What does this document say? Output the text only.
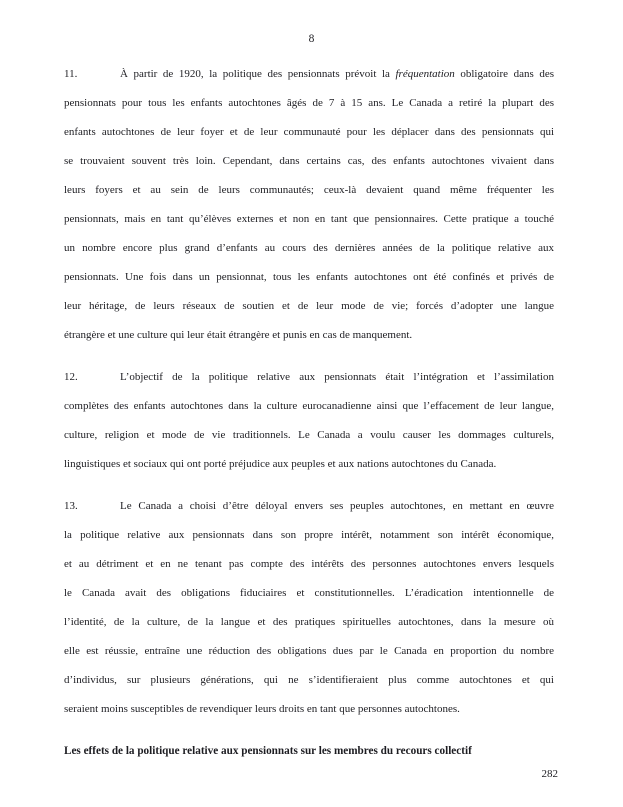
8
11.	À partir de 1920, la politique des pensionnats prévoit la fréquentation obligatoire dans des
pensionnats pour tous les enfants autochtones âgés de 7 à 15 ans. Le Canada a retiré la plupart des
enfants autochtones de leur foyer et de leur communauté pour les déplacer dans des pensionnats qui
se trouvaient souvent très loin. Cependant, dans certains cas, des enfants autochtones vivaient dans
leurs foyers et au sein de leurs communautés; ceux-là devaient quand même fréquenter les
pensionnats, mais en tant qu’élèves externes et non en tant que pensionnaires. Cette pratique a touché
un nombre encore plus grand d’enfants au cours des dernières années de la politique relative aux
pensionnats. Une fois dans un pensionnat, tous les enfants autochtones ont été confinés et privés de
leur héritage, de leurs réseaux de soutien et de leur mode de vie; forcés d’adopter une langue
étrangère et une culture qui leur était étrangère et punis en cas de manquement.
12.	L’objectif de la politique relative aux pensionnats était l’intégration et l’assimilation
complètes des enfants autochtones dans la culture eurocanadienne ainsi que l’effacement de leur langue,
culture, religion et mode de vie traditionnels. Le Canada a voulu causer les dommages culturels,
linguistiques et sociaux qui ont porté préjudice aux peuples et aux nations autochtones du Canada.
13.	Le Canada a choisi d’être déloyal envers ses peuples autochtones, en mettant en œuvre
la politique relative aux pensionnats dans son propre intérêt, notamment son intérêt économique,
et au détriment et en ne tenant pas compte des intérêts des personnes autochtones envers lesquels
le Canada avait des obligations fiduciaires et constitutionnelles. L’éradication intentionnelle de
l’identité, de la culture, de la langue et des pratiques spirituelles autochtones, dans la mesure où
elle est réussie, entraîne une réduction des obligations dues par le Canada en proportion du nombre
d’individus, sur plusieurs générations, qui ne s’identifieraient plus comme autochtones et qui
seraient moins susceptibles de revendiquer leurs droits en tant que personnes autochtones.
Les effets de la politique relative aux pensionnats sur les membres du recours collectif
282
